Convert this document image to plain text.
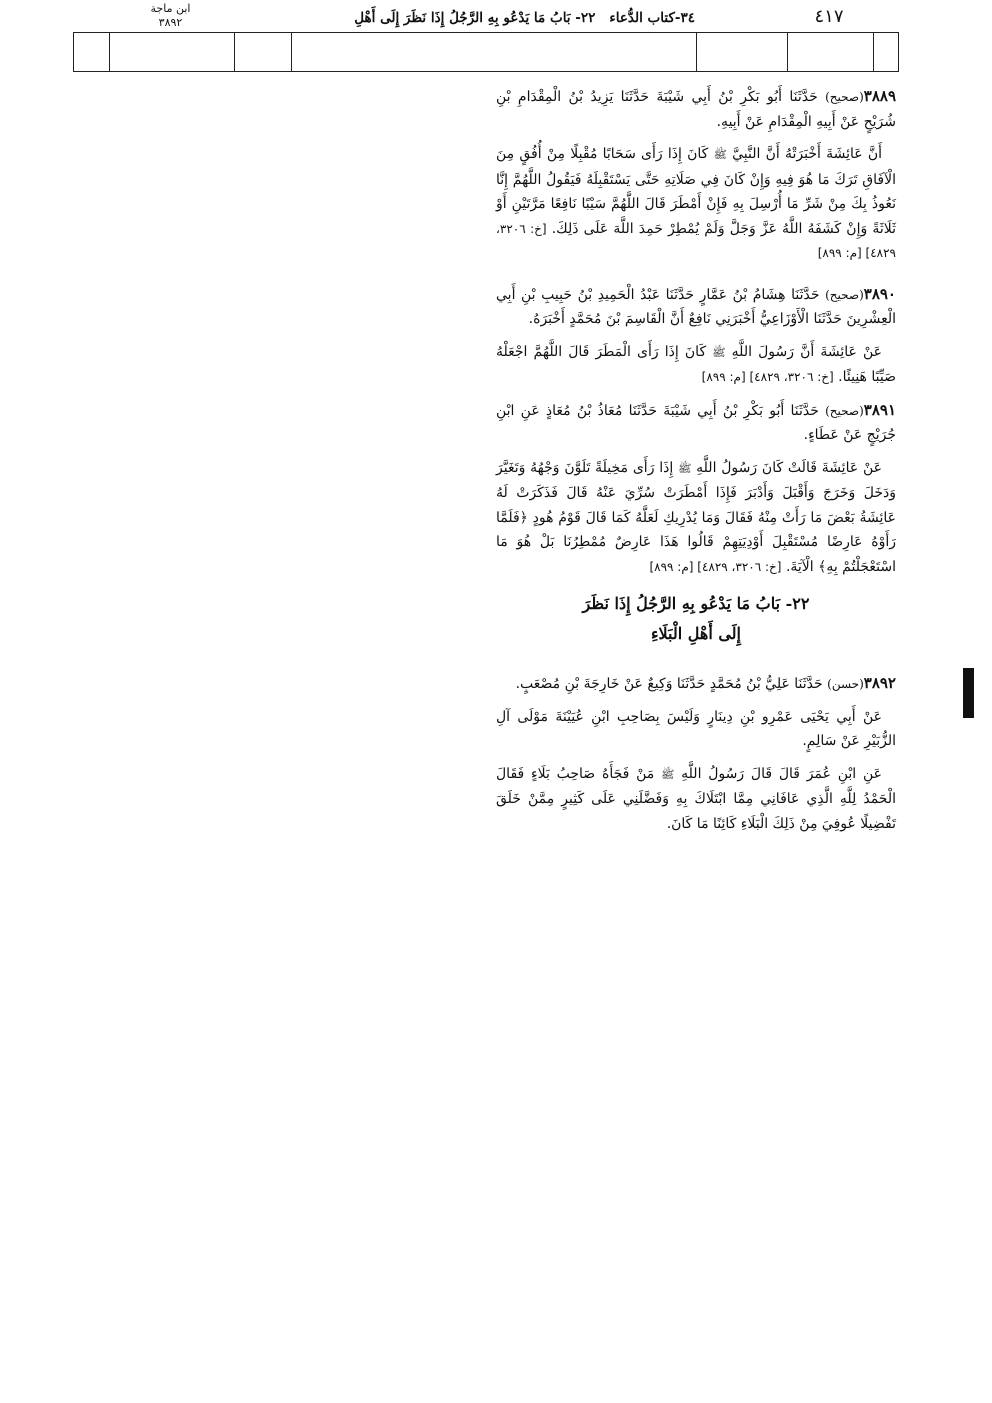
ابن ماجة
٣٨٩٢	٣٤-كتاب الدُّعاء٢٢- بَابُ مَا يَدْعُو بِهِ الرَّجُلُ إِذَا نَظَرَ إِلَى أَهْلِ	٤١٧

٣٨٨٩(صحيح) حَدَّثَنَا أَبُو بَكْرِ بْنُ أَبِي شَيْبَةَ حَدَّثَنَا يَزِيدُ بْنُ الْمِقْدَامِ بْنِ شُرَيْحٍ عَنْ أَبِيهِ الْمِقْدَامِ عَنْ أَبِيهِ.

أَنَّ عَائِشَةَ أَخْبَرَتْهُ أَنَّ النَّبِيَّ ﷺ كَانَ إِذَا رَأَى سَحَابًا مُقْبِلًا مِنْ أُفُقٍ مِنَ الْآفَاقِ تَرَكَ مَا هُوَ فِيهِ وَإِنْ كَانَ فِي صَلَاتِهِ حَتَّى يَسْتَقْبِلَهُ فَيَقُولُ اللَّهُمَّ إِنَّا نَعُوذُ بِكَ مِنْ شَرِّ مَا أُرْسِلَ بِهِ فَإِنْ أَمْطَرَ قَالَ اللَّهُمَّ سَيْبًا نَافِعًا مَرَّتَيْنِ أَوْ ثَلَاثَةً وَإِنْ كَشَفَهُ اللَّهُ عَزَّ وَجَلَّ وَلَمْ يُمْطِرْ حَمِدَ اللَّهَ عَلَى ذَلِكَ. [خ: ٣٢٠٦، ٤٨٢٩] [م: ٨٩٩]

٣٨٩٠(صحيح) حَدَّثَنَا هِشَامُ بْنُ عَمَّارٍ حَدَّثَنَا عَبْدُ الْحَمِيدِ بْنُ حَبِيبِ بْنِ أَبِي الْعِشْرِينَ حَدَّثَنَا الْأَوْزَاعِيُّ أَخْبَرَنِي نَافِعٌ أَنَّ الْقَاسِمَ بْنَ مُحَمَّدٍ أَخْبَرَهُ.

عَنْ عَائِشَةَ أَنَّ رَسُولَ اللَّهِ ﷺ كَانَ إِذَا رَأَى الْمَطَرَ قَالَ اللَّهُمَّ اجْعَلْهُ صَيِّبًا هَنِيئًا. [خ: ٣٢٠٦، ٤٨٢٩] [م: ٨٩٩]

٣٨٩١(صحيح) حَدَّثَنَا أَبُو بَكْرِ بْنُ أَبِي شَيْبَةَ حَدَّثَنَا مُعَاذُ بْنُ مُعَاذٍ عَنِ ابْنِ جُرَيْجٍ عَنْ عَطَاءٍ.

عَنْ عَائِشَةَ قَالَتْ كَانَ رَسُولُ اللَّهِ ﷺ إِذَا رَأَى مَخِيلَةً تَلَوَّنَ وَجْهُهُ وَتَغَيَّرَ وَدَخَلَ وَخَرَجَ وَأَقْبَلَ وَأَدْبَرَ فَإِذَا أَمْطَرَتْ سُرِّيَ عَنْهُ قَالَ فَذَكَرَتْ لَهُ عَائِشَةُ بَعْضَ مَا رَأَتْ مِنْهُ فَقَالَ وَمَا يُدْرِيكِ لَعَلَّهُ كَمَا قَالَ قَوْمُ هُودٍ ﴿فَلَمَّا رَأَوْهُ عَارِضًا مُسْتَقْبِلَ أَوْدِيَتِهِمْ قَالُوا هَذَا عَارِضٌ مُمْطِرُنَا بَلْ هُوَ مَا اسْتَعْجَلْتُمْ بِهِ﴾ الْآيَةَ. [خ: ٣٢٠٦، ٤٨٢٩] [م: ٨٩٩]

٢٢- بَابُ مَا يَدْعُو بِهِ الرَّجُلُ إِذَا نَظَرَ
إِلَى أَهْلِ الْبَلَاءِ

٣٨٩٢(حسن) حَدَّثَنَا عَلِيُّ بْنُ مُحَمَّدٍ حَدَّثَنَا وَكِيعٌ عَنْ خَارِجَةَ بْنِ مُصْعَبٍ.

عَنْ أَبِي يَحْيَى عَمْرِو بْنِ دِينَارٍ وَلَيْسَ بِصَاحِبِ ابْنِ عُيَيْنَةَ مَوْلَى آلِ الزُّبَيْرِ عَنْ سَالِمٍ.

عَنِ ابْنِ عُمَرَ قَالَ قَالَ رَسُولُ اللَّهِ ﷺ مَنْ فَجَأَهُ صَاحِبُ بَلَاءٍ فَقَالَ الْحَمْدُ لِلَّهِ الَّذِي عَافَانِي مِمَّا ابْتَلَاكَ بِهِ وَفَضَّلَنِي عَلَى كَثِيرٍ مِمَّنْ خَلَقَ تَفْضِيلًا عُوفِيَ مِنْ ذَلِكَ الْبَلَاءِ كَائِنًا مَا كَانَ.
